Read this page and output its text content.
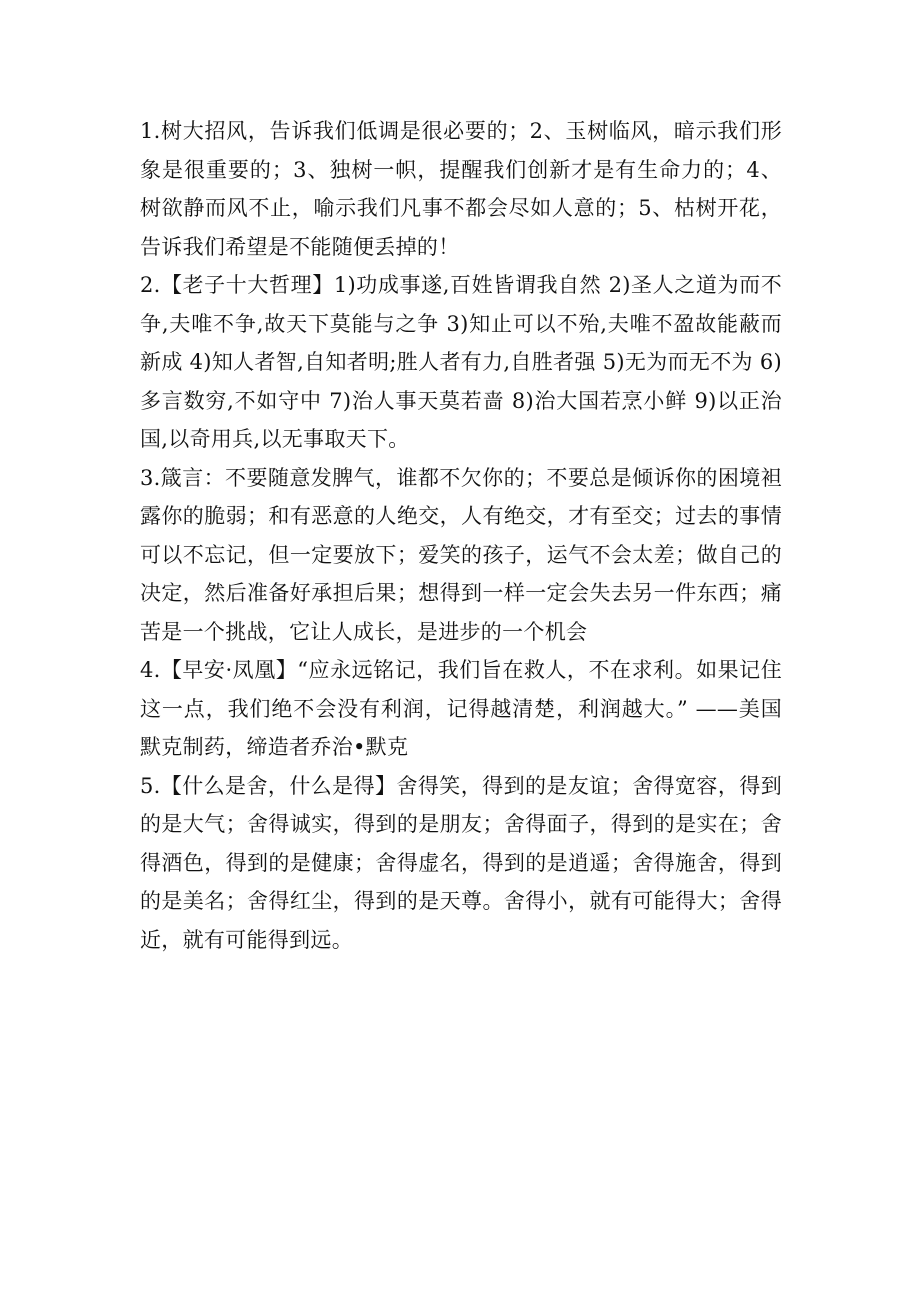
1.树大招风，告诉我们低调是很必要的；2、玉树临风，暗示我们形象是很重要的；3、独树一帜，提醒我们创新才是有生命力的；4、树欲静而风不止，喻示我们凡事不都会尽如人意的；5、枯树开花，告诉我们希望是不能随便丢掉的！

2.【老子十大哲理】1)功成事遂,百姓皆谓我自然 2)圣人之道为而不争,夫唯不争,故天下莫能与之争 3)知止可以不殆,夫唯不盈故能蔽而新成 4)知人者智,自知者明;胜人者有力,自胜者强 5)无为而无不为 6)多言数穷,不如守中 7)治人事天莫若啬 8)治大国若烹小鲜 9)以正治国,以奇用兵,以无事取天下。

3.箴言：不要随意发脾气，谁都不欠你的；不要总是倾诉你的困境袒露你的脆弱；和有恶意的人绝交，人有绝交，才有至交；过去的事情可以不忘记，但一定要放下；爱笑的孩子，运气不会太差；做自己的决定，然后准备好承担后果；想得到一样一定会失去另一件东西；痛苦是一个挑战，它让人成长，是进步的一个机会

4.【早安·凤凰】“应永远铭记，我们旨在救人，不在求利。如果记住这一点，我们绝不会没有利润，记得越清楚，利润越大。” ——美国默克制药，缔造者乔治•默克

5.【什么是舍，什么是得】舍得笑，得到的是友谊；舍得宽容，得到的是大气；舍得诚实，得到的是朋友；舍得面子，得到的是实在；舍得酒色，得到的是健康；舍得虚名，得到的是逍遥；舍得施舍，得到的是美名；舍得红尘，得到的是天尊。舍得小，就有可能得大；舍得近，就有可能得到远。
